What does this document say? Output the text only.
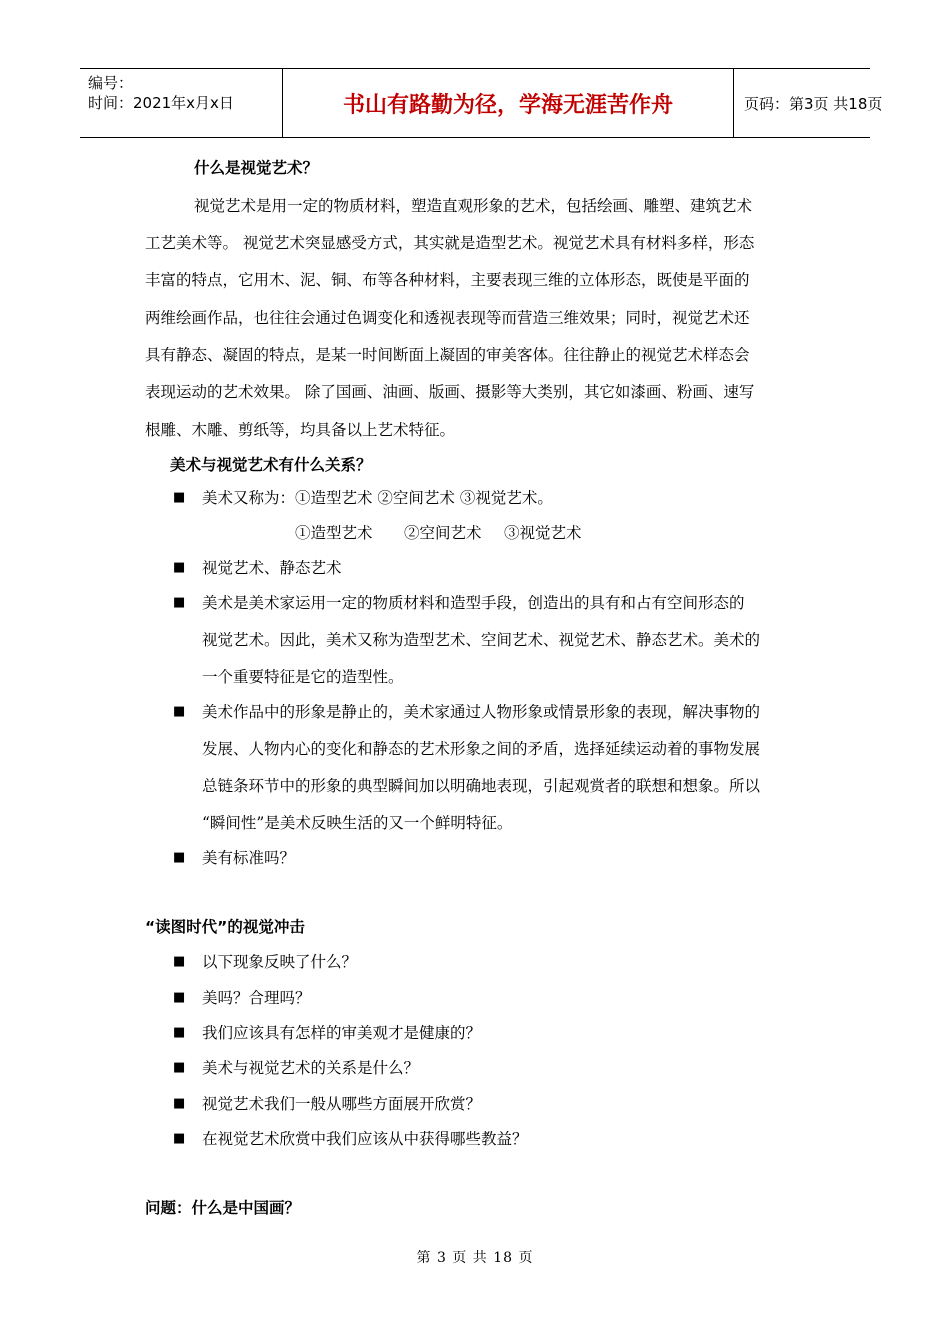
编号：
时间：2021年x月x日	书山有路勤为径，学海无涯苦作舟	页码：第3页 共18页
什么是视觉艺术？
视觉艺术是用一定的物质材料，塑造直观形象的艺术，包括绘画、雕塑、建筑艺术
工艺美术等。 视觉艺术突显感受方式，其实就是造型艺术。视觉艺术具有材料多样，形态
丰富的特点，它用木、泥、铜、布等各种材料，主要表现三维的立体形态，既使是平面的
两维绘画作品，也往往会通过色调变化和透视表现等而营造三维效果；同时，视觉艺术还
具有静态、凝固的特点，是某一时间断面上凝固的审美客体。往往静止的视觉艺术样态会
表现运动的艺术效果。 除了国画、油画、版画、摄影等大类别，其它如漆画、粉画、速写
根雕、木雕、剪纸等，均具备以上艺术特征。
美术与视觉艺术有什么关系？
■ 美术又称为：①造型艺术 ②空间艺术 ③视觉艺术。
①造型艺术 ②空间艺术 ③视觉艺术
■ 视觉艺术、静态艺术
■ 美术是美术家运用一定的物质材料和造型手段，创造出的具有和占有空间形态的
视觉艺术。因此，美术又称为造型艺术、空间艺术、视觉艺术、静态艺术。美术的
一个重要特征是它的造型性。
■ 美术作品中的形象是静止的，美术家通过人物形象或情景形象的表现，解决事物的
发展、人物内心的变化和静态的艺术形象之间的矛盾，选择延续运动着的事物发展
总链条环节中的形象的典型瞬间加以明确地表现，引起观赏者的联想和想象。所以
“瞬间性”是美术反映生活的又一个鲜明特征。
■ 美有标准吗？
“读图时代”的视觉冲击
■ 以下现象反映了什么？
■ 美吗？合理吗？
■ 我们应该具有怎样的审美观才是健康的？
■ 美术与视觉艺术的关系是什么？
■ 视觉艺术我们一般从哪些方面展开欣赏？
■ 在视觉艺术欣赏中我们应该从中获得哪些教益？
问题：什么是中国画？
第 3 页 共 18 页
